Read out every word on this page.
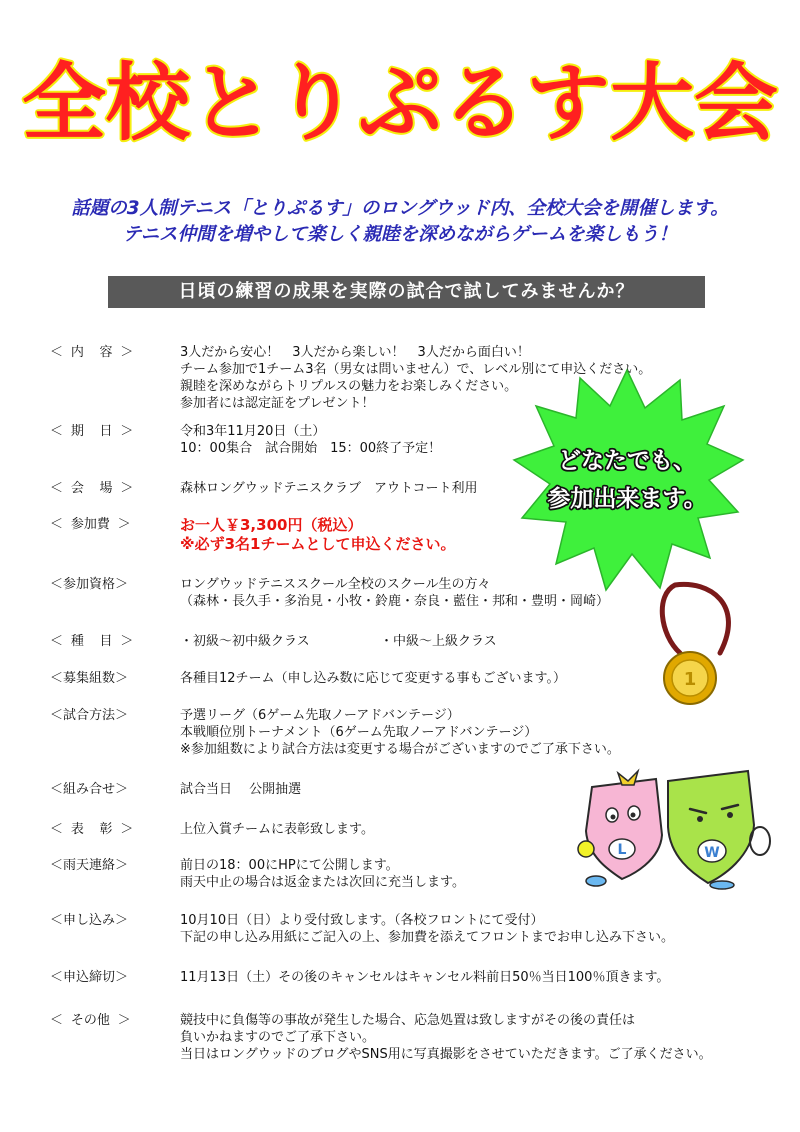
全校とりぷるす大会
話題の3人制テニス「とりぷるす」のロングウッド内、全校大会を開催します。
テニス仲間を増やして楽しく親睦を深めながらゲームを楽しもう！
日頃の練習の成果を実際の試合で試してみませんか？
＜ 内  容 ＞	3人だから安心！　3人だから楽しい！　3人だから面白い！
チーム参加で1チーム3名（男女は問いません）で、レベル別にて申込ください。
親睦を深めながらトリプルスの魅力をお楽しみください。
参加者には認定証をプレゼント！
＜ 期  日 ＞	令和3年11月20日（土）
10：00集合　試合開始　15：00終了予定！
＜ 会  場 ＞	森林ロングウッドテニスクラブ　アウトコート利用
＜ 参加費 ＞	お一人￥3,300円（税込）
※必ず3名1チームとして申込ください。
＜参加資格＞	ロングウッドテニススクール全校のスクール生の方々
（森林・長久手・多治見・小牧・鈴鹿・奈良・藍住・邦和・豊明・岡崎）
＜ 種  目 ＞	・初級～初中級クラス	・中級～上級クラス
＜募集組数＞	各種目12チーム（申し込み数に応じて変更する事もございます。）
＜試合方法＞	予選リーグ（6ゲーム先取ノーアドバンテージ）
本戦順位別トーナメント（6ゲーム先取ノーアドバンテージ）
※参加組数により試合方法は変更する場合がございますのでご了承下さい。
＜組み合せ＞	試合当日　 公開抽選
＜ 表  彰 ＞	上位入賞チームに表彰致します。
＜雨天連絡＞	前日の18：00にHPにて公開します。
雨天中止の場合は返金または次回に充当します。
＜申し込み＞	10月10日（日）より受付致します。（各校フロントにて受付）
下記の申し込み用紙にご記入の上、参加費を添えてフロントまでお申し込み下さい。
＜申込締切＞	11月13日（土）その後のキャンセルはキャンセル料前日50％当日100％頂きます。
＜ その他 ＞	競技中に負傷等の事故が発生した場合、応急処置は致しますがその後の責任は
負いかねますのでご了承下さい。
当日はロングウッドのブログやSNS用に写真撮影をさせていただきます。ご了承ください。
どなたでも、
参加出来ます。
1
L	W
